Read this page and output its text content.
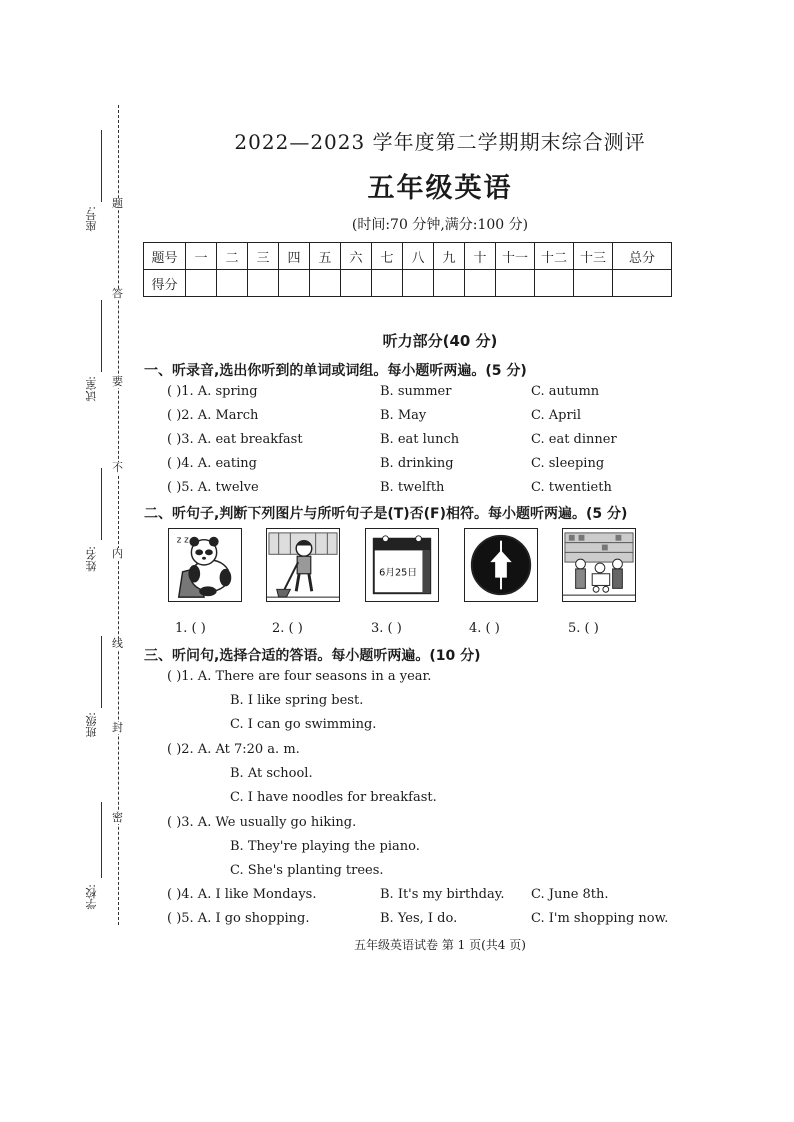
题
答
要
不
内
线
封
密
座号:
试室:
姓名:
班级:
学校:
2022—2023 学年度第二学期期末综合测评
五年级英语
(时间:70 分钟,满分:100 分)
题号	一	二	三	四	五	六	七	八	九	十	十一	十二	十三	总分
得分														
听力部分(40 分)
一、听录音,选出你听到的单词或词组。每小题听两遍。(5 分)
( )1. A. spring	B. summer	C. autumn
( )2. A. March	B. May	C. April
( )3. A. eat breakfast	B. eat lunch	C. eat dinner
( )4. A. eating	B. drinking	C. sleeping
( )5. A. twelve	B. twelfth	C. twentieth
二、听句子,判断下列图片与所听句子是(T)否(F)相符。每小题听两遍。(5 分)
z z
6月25日
1. ( )	2. ( )	3. ( )	4. ( )	5. ( )
三、听问句,选择合适的答语。每小题听两遍。(10 分)
( )1. A. There are four seasons in a year.
B. I like spring best.
C. I can go swimming.
( )2. A. At 7:20 a. m.
B. At school.
C. I have noodles for breakfast.
( )3. A. We usually go hiking.
B. They're playing the piano.
C. She's planting trees.
( )4. A. I like Mondays.	B. It's my birthday. C. June 8th.
( )5. A. I go shopping.	B. Yes, I do.	C. I'm shopping now.
五年级英语试卷 第 1 页(共4 页)
